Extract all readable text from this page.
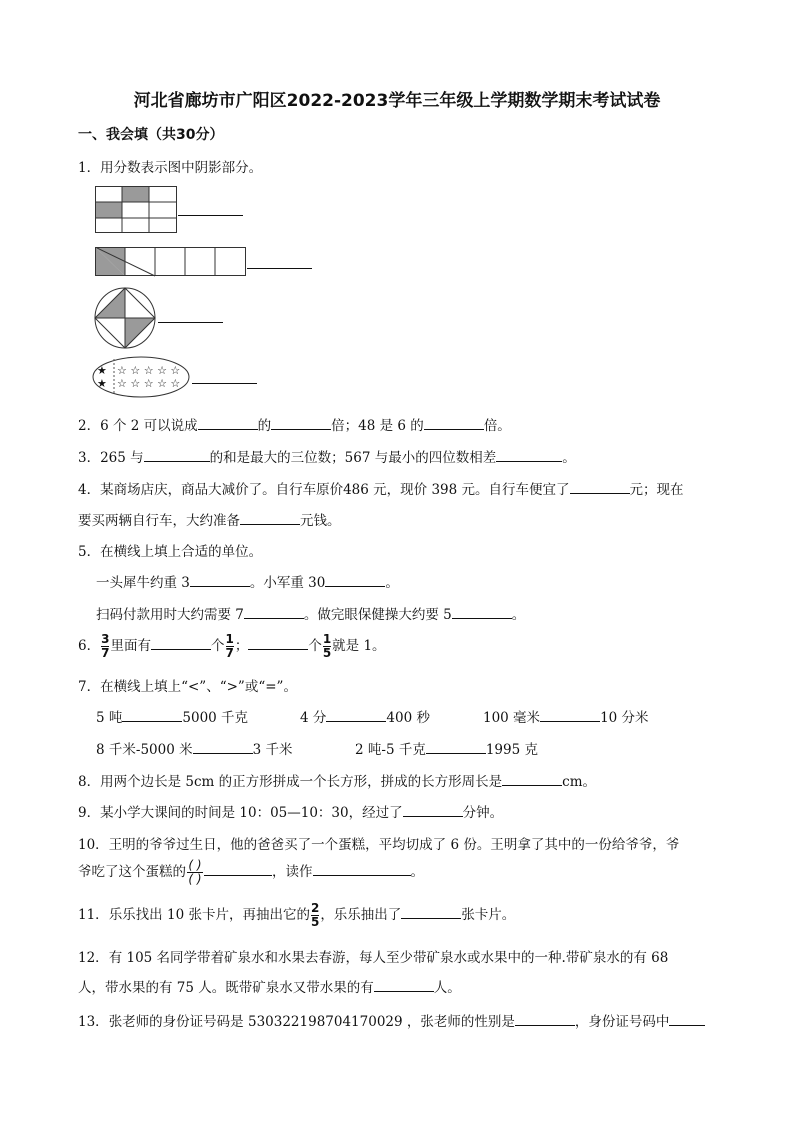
河北省廊坊市广阳区2022-2023学年三年级上学期数学期末考试试卷
一、我会填（共30分）
1．用分数表示图中阴影部分。
★
★
☆ ☆ ☆ ☆ ☆
☆ ☆ ☆ ☆ ☆
2．6 个 2 可以说成	的	倍；48 是 6 的	倍。
3．265 与	的和是最大的三位数；567 与最小的四位数相差	。
4．某商场店庆，商品大减价了。自行车原价486 元，现价 398 元。自行车便宜了	元；现在
要买两辆自行车，大约准备	元钱。
5．在横线上填上合适的单位。
一头犀牛约重 3	。小军重 30	。
扫码付款用时大约需要 7	。做完眼保健操大约要 5	。
6． $\frac{3}{7}$ 里面有	个 $\frac{1}{7}$ ；	个 $\frac{1}{5}$ 就是 1。
7．在横线上填上“<”、“>”或“=”。
5 吨	5000 千克	4 分	400 秒	100 毫米	10 分米
8 千米-5000 米	3 千米	2 吨-5 千克	1995 克
8．用两个边长是 5cm 的正方形拼成一个长方形，拼成的长方形周长是	cm。
9．某小学大课间的时间是 10：05—10：30，经过了	分钟。
10．王明的爷爷过生日，他的爸爸买了一个蛋糕，平均切成了 6 份。王明拿了其中的一份给爷爷，爷
爷吃了这个蛋糕的 $\frac{( )}{( )}$	，读作	。
11．乐乐找出 10 张卡片，再抽出它的 $\frac{2}{5}$ ，乐乐抽出了	张卡片。
12．有 105 名同学带着矿泉水和水果去春游，每人至少带矿泉水或水果中的一种.带矿泉水的有 68
人，带水果的有 75 人。既带矿泉水又带水果的有	人。
13．张老师的身份证号码是 530322198704170029 ，张老师的性别是	，身份证号码中
